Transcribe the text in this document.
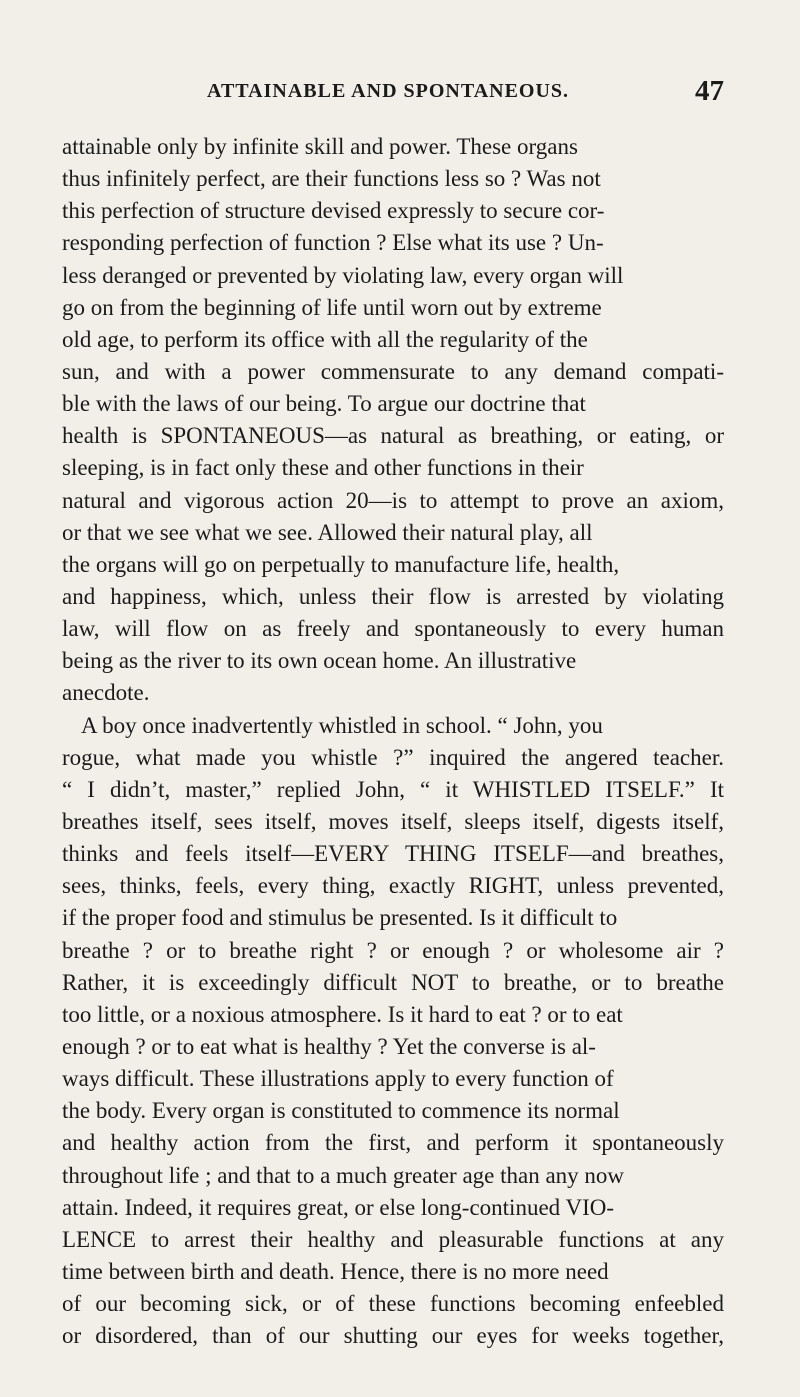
ATTAINABLE AND SPONTANEOUS.	47
attainable only by infinite skill and power. These organs
thus infinitely perfect, are their functions less so ? Was not
this perfection of structure devised expressly to secure cor-
responding perfection of function ? Else what its use ? Un-
less deranged or prevented by violating law, every organ will
go on from the beginning of life until worn out by extreme
old age, to perform its office with all the regularity of the
sun, and with a power commensurate to any demand compati-
ble with the laws of our being. To argue our doctrine that
health is SPONTANEOUS—as natural as breathing, or eating, or
sleeping, is in fact only these and other functions in their
natural and vigorous action 20—is to attempt to prove an axiom,
or that we see what we see. Allowed their natural play, all
the organs will go on perpetually to manufacture life, health,
and happiness, which, unless their flow is arrested by violating
law, will flow on as freely and spontaneously to every human
being as the river to its own ocean home. An illustrative
anecdote.
A boy once inadvertently whistled in school. “ John, you
rogue, what made you whistle ?” inquired the angered teacher.
“ I didn’t, master,” replied John, “ it WHISTLED ITSELF.” It
breathes itself, sees itself, moves itself, sleeps itself, digests itself,
thinks and feels itself—EVERY THING ITSELF—and breathes,
sees, thinks, feels, every thing, exactly RIGHT, unless prevented,
if the proper food and stimulus be presented. Is it difficult to
breathe ? or to breathe right ? or enough ? or wholesome air ?
Rather, it is exceedingly difficult NOT to breathe, or to breathe
too little, or a noxious atmosphere. Is it hard to eat ? or to eat
enough ? or to eat what is healthy ? Yet the converse is al-
ways difficult. These illustrations apply to every function of
the body. Every organ is constituted to commence its normal
and healthy action from the first, and perform it spontaneously
throughout life ; and that to a much greater age than any now
attain. Indeed, it requires great, or else long-continued VIO-
LENCE to arrest their healthy and pleasurable functions at any
time between birth and death. Hence, there is no more need
of our becoming sick, or of these functions becoming enfeebled
or disordered, than of our shutting our eyes for weeks together,
